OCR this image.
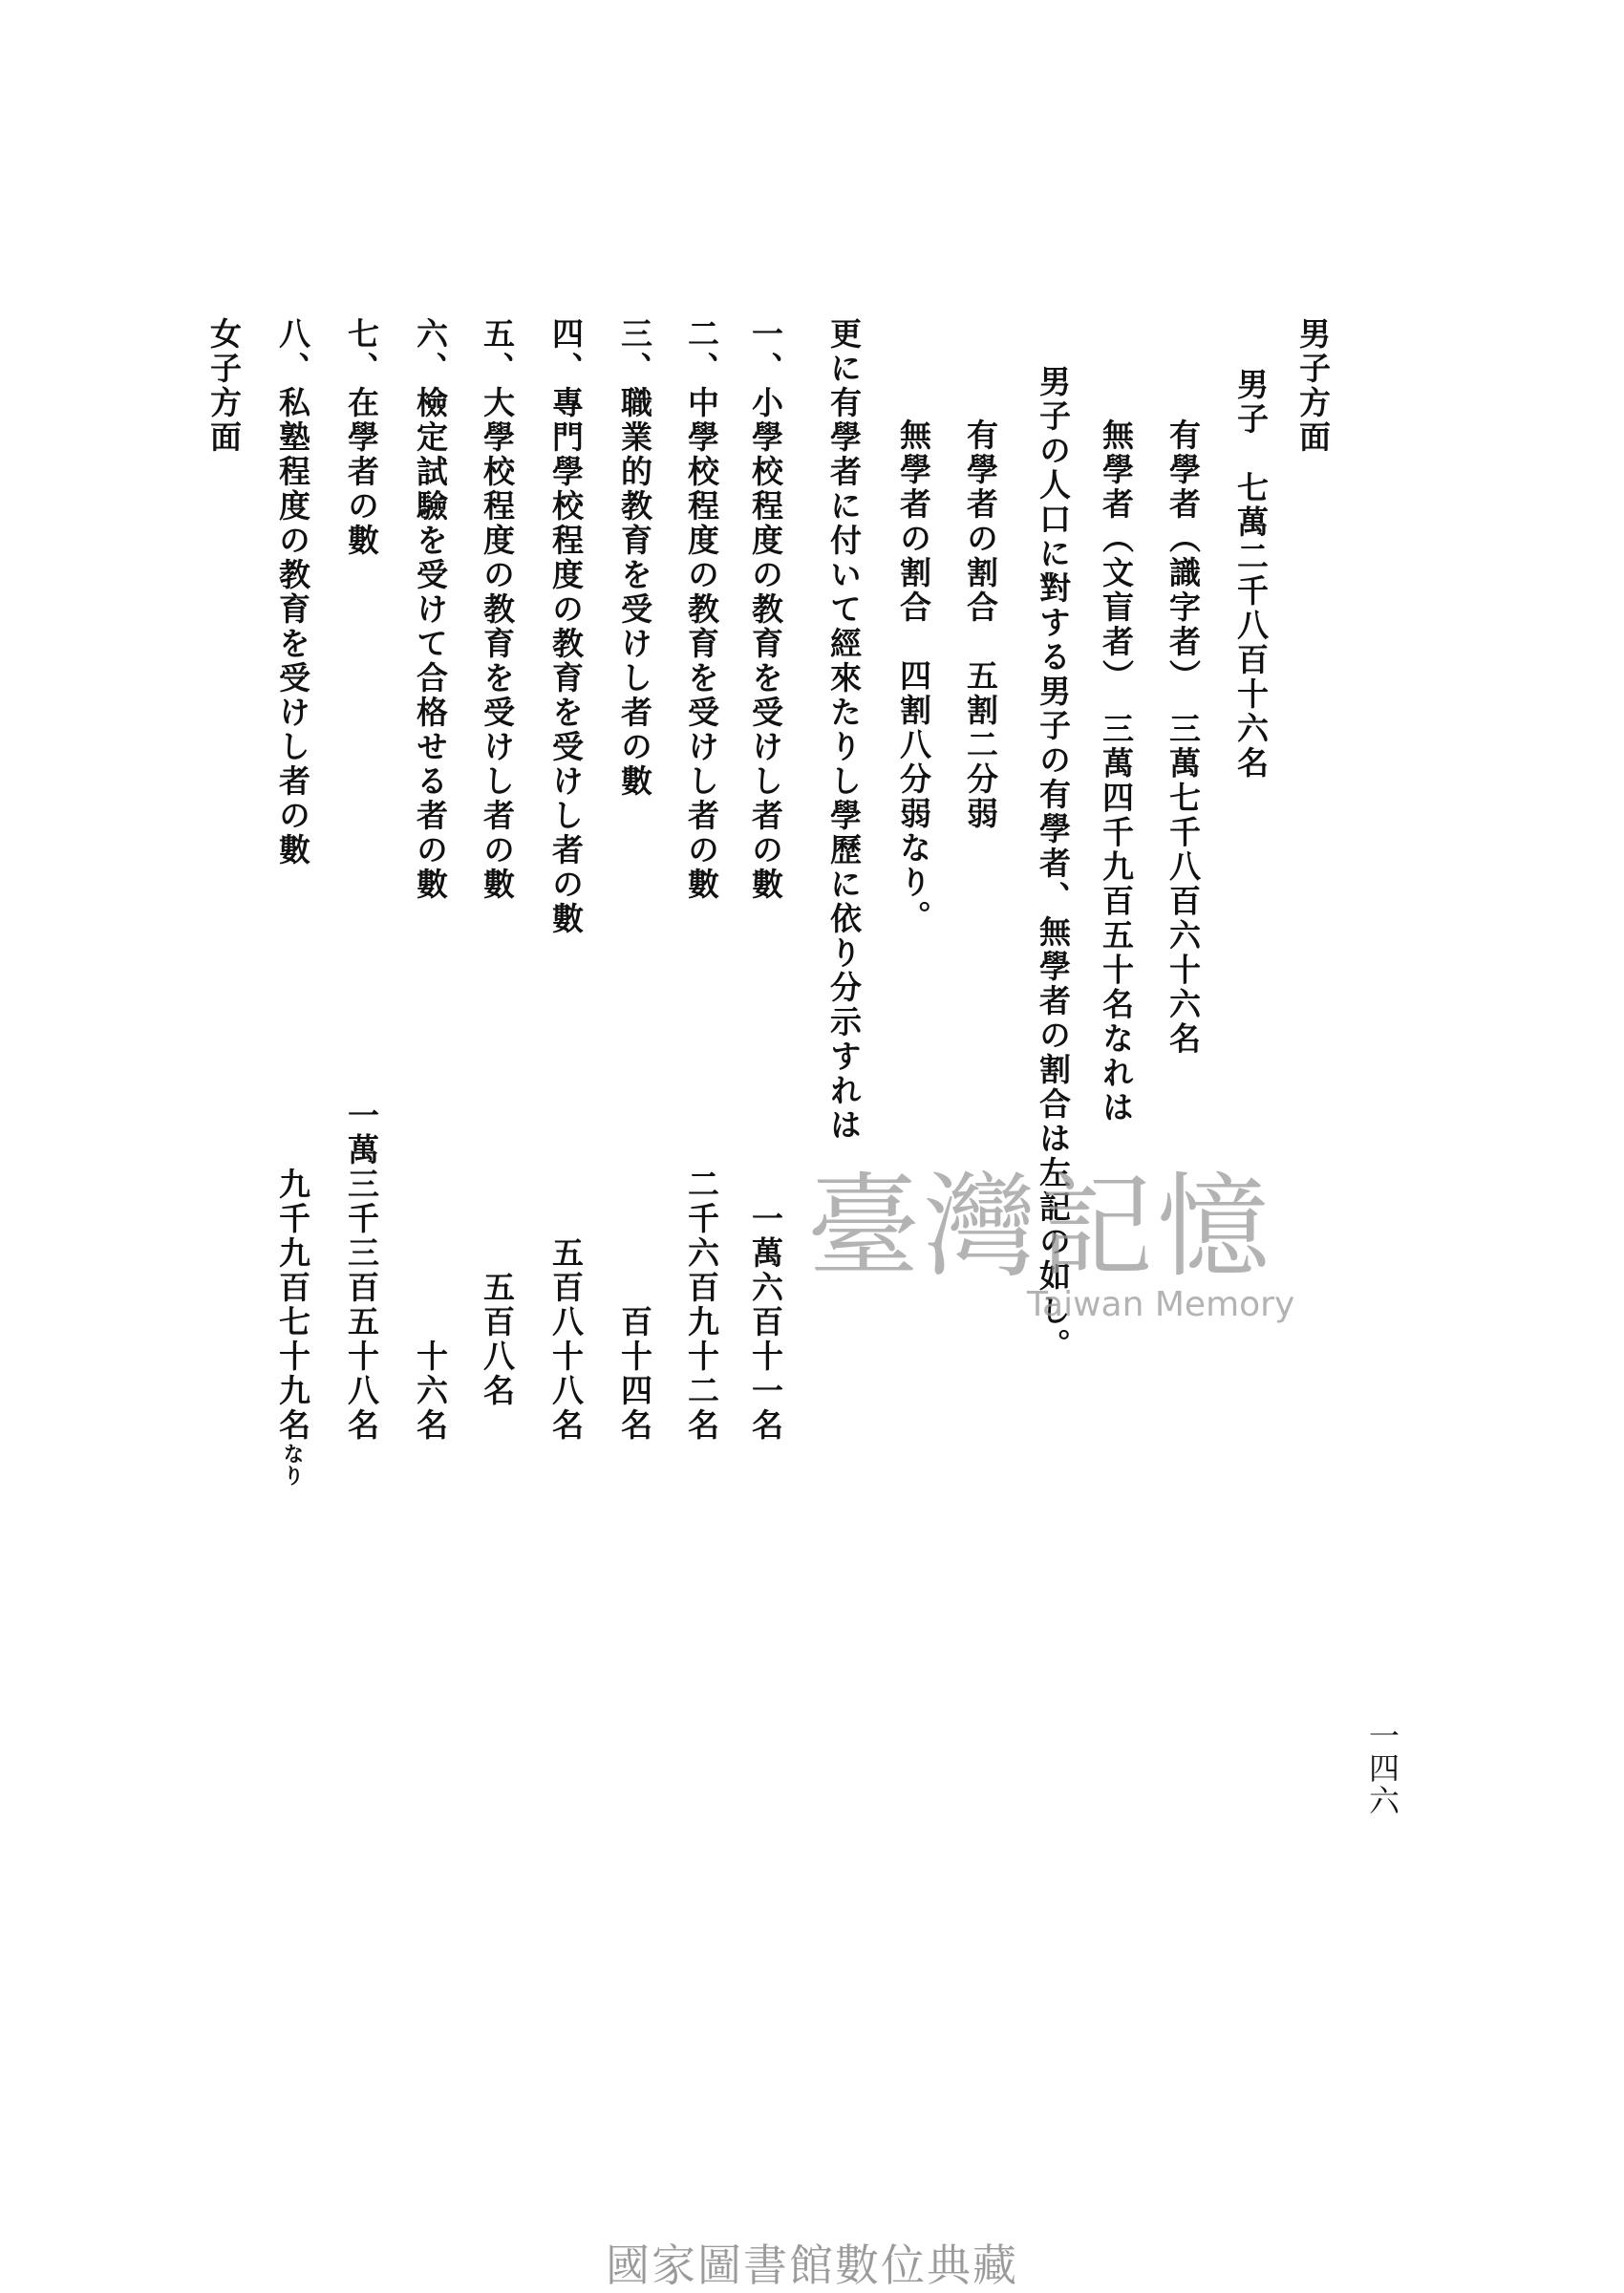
男子方面
男子　七萬二千八百十六名
有學者（識字者）　三萬七千八百六十六名
無學者（文盲者）　三萬四千九百五十名なれは
男子の人口に對する男子の有學者、無學者の割合は左記の如し。
有學者の割合　五割二分弱
無學者の割合　四割八分弱なり。
更に有學者に付いて經來たりし學歷に依り分示すれは
一、小學校程度の教育を受けし者の數
二、中學校程度の教育を受けし者の數
三、職業的教育を受けし者の數
四、專門學校程度の教育を受けし者の數
五、大學校程度の教育を受けし者の數
六、檢定試驗を受けて合格せる者の數
七、在學者の數
八、私塾程度の教育を受けし者の數
女子方面
一萬六百十一名
二千六百九十二名
百十四名
五百八十八名
五百八名
十六名
一萬三千三百五十八名
九千九百七十九名なり
一四六
臺灣記憶
Taiwan Memory
國家圖書館數位典藏
